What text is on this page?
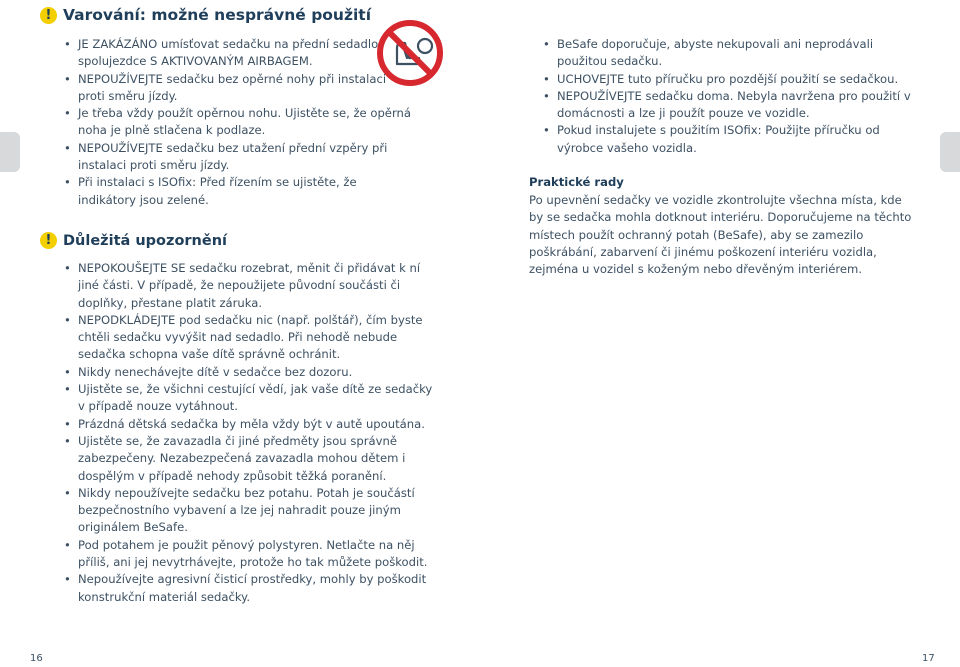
! Varování: možné nesprávné použití
• JE ZAKÁZÁNO umísťovat sedačku na přední sedadlo spolujezdce S AKTIVOVANÝM AIRBAGEM.
• NEPOUŽÍVEJTE sedačku bez opěrné nohy při instalaci proti směru jízdy.
• Je třeba vždy použít opěrnou nohu. Ujistěte se, že opěrná noha je plně stlačena k podlaze.
• NEPOUŽÍVEJTE sedačku bez utažení přední vzpěry při instalaci proti směru jízdy.
• Při instalaci s ISOfix: Před řízením se ujistěte, že indikátory jsou zelené.
! Důležitá upozornění
• NEPOKOUŠEJTE SE sedačku rozebrat, měnit či přidávat k ní jiné části. V případě, že nepoužijete původní součásti či doplňky, přestane platit záruka.
• NEPODKLÁDEJTE pod sedačku nic (např. polštář), čím byste chtěli sedačku vyvýšit nad sedadlo. Při nehodě nebude sedačka schopna vaše dítě správně ochránit.
• Nikdy nenechávejte dítě v sedačce bez dozoru.
• Ujistěte se, že všichni cestující vědí, jak vaše dítě ze sedačky v případě nouze vytáhnout.
• Prázdná dětská sedačka by měla vždy být v autě upoutána.
• Ujistěte se, že zavazadla či jiné předměty jsou správně zabezpečeny. Nezabezpečená zavazadla mohou dětem i dospělým v případě nehody způsobit těžká poranění.
• Nikdy nepoužívejte sedačku bez potahu. Potah je součástí bezpečnostního vybavení a lze jej nahradit pouze jiným originálem BeSafe.
• Pod potahem je použit pěnový polystyren. Netlačte na něj příliš, ani jej nevytrhávejte, protože ho tak můžete poškodit.
• Nepoužívejte agresivní čisticí prostředky, mohly by poškodit konstrukční materiál sedačky.
• BeSafe doporučuje, abyste nekupovali ani neprodávali použitou sedačku.
• UCHOVEJTE tuto příručku pro pozdější použití se sedačkou.
• NEPOUŽÍVEJTE sedačku doma. Nebyla navržena pro použití v domácnosti a lze ji použít pouze ve vozidle.
• Pokud instalujete s použitím ISOfix: Použijte příručku od výrobce vašeho vozidla.
Praktické rady

Po upevnění sedačky ve vozidle zkontrolujte všechna místa, kde by se sedačka mohla dotknout interiéru. Doporučujeme na těchto místech použít ochranný potah (BeSafe), aby se zamezilo poškrábání, zabarvení či jinému poškození interiéru vozidla, zejména u vozidel s koženým nebo dřevěným interiérem.

16	17
